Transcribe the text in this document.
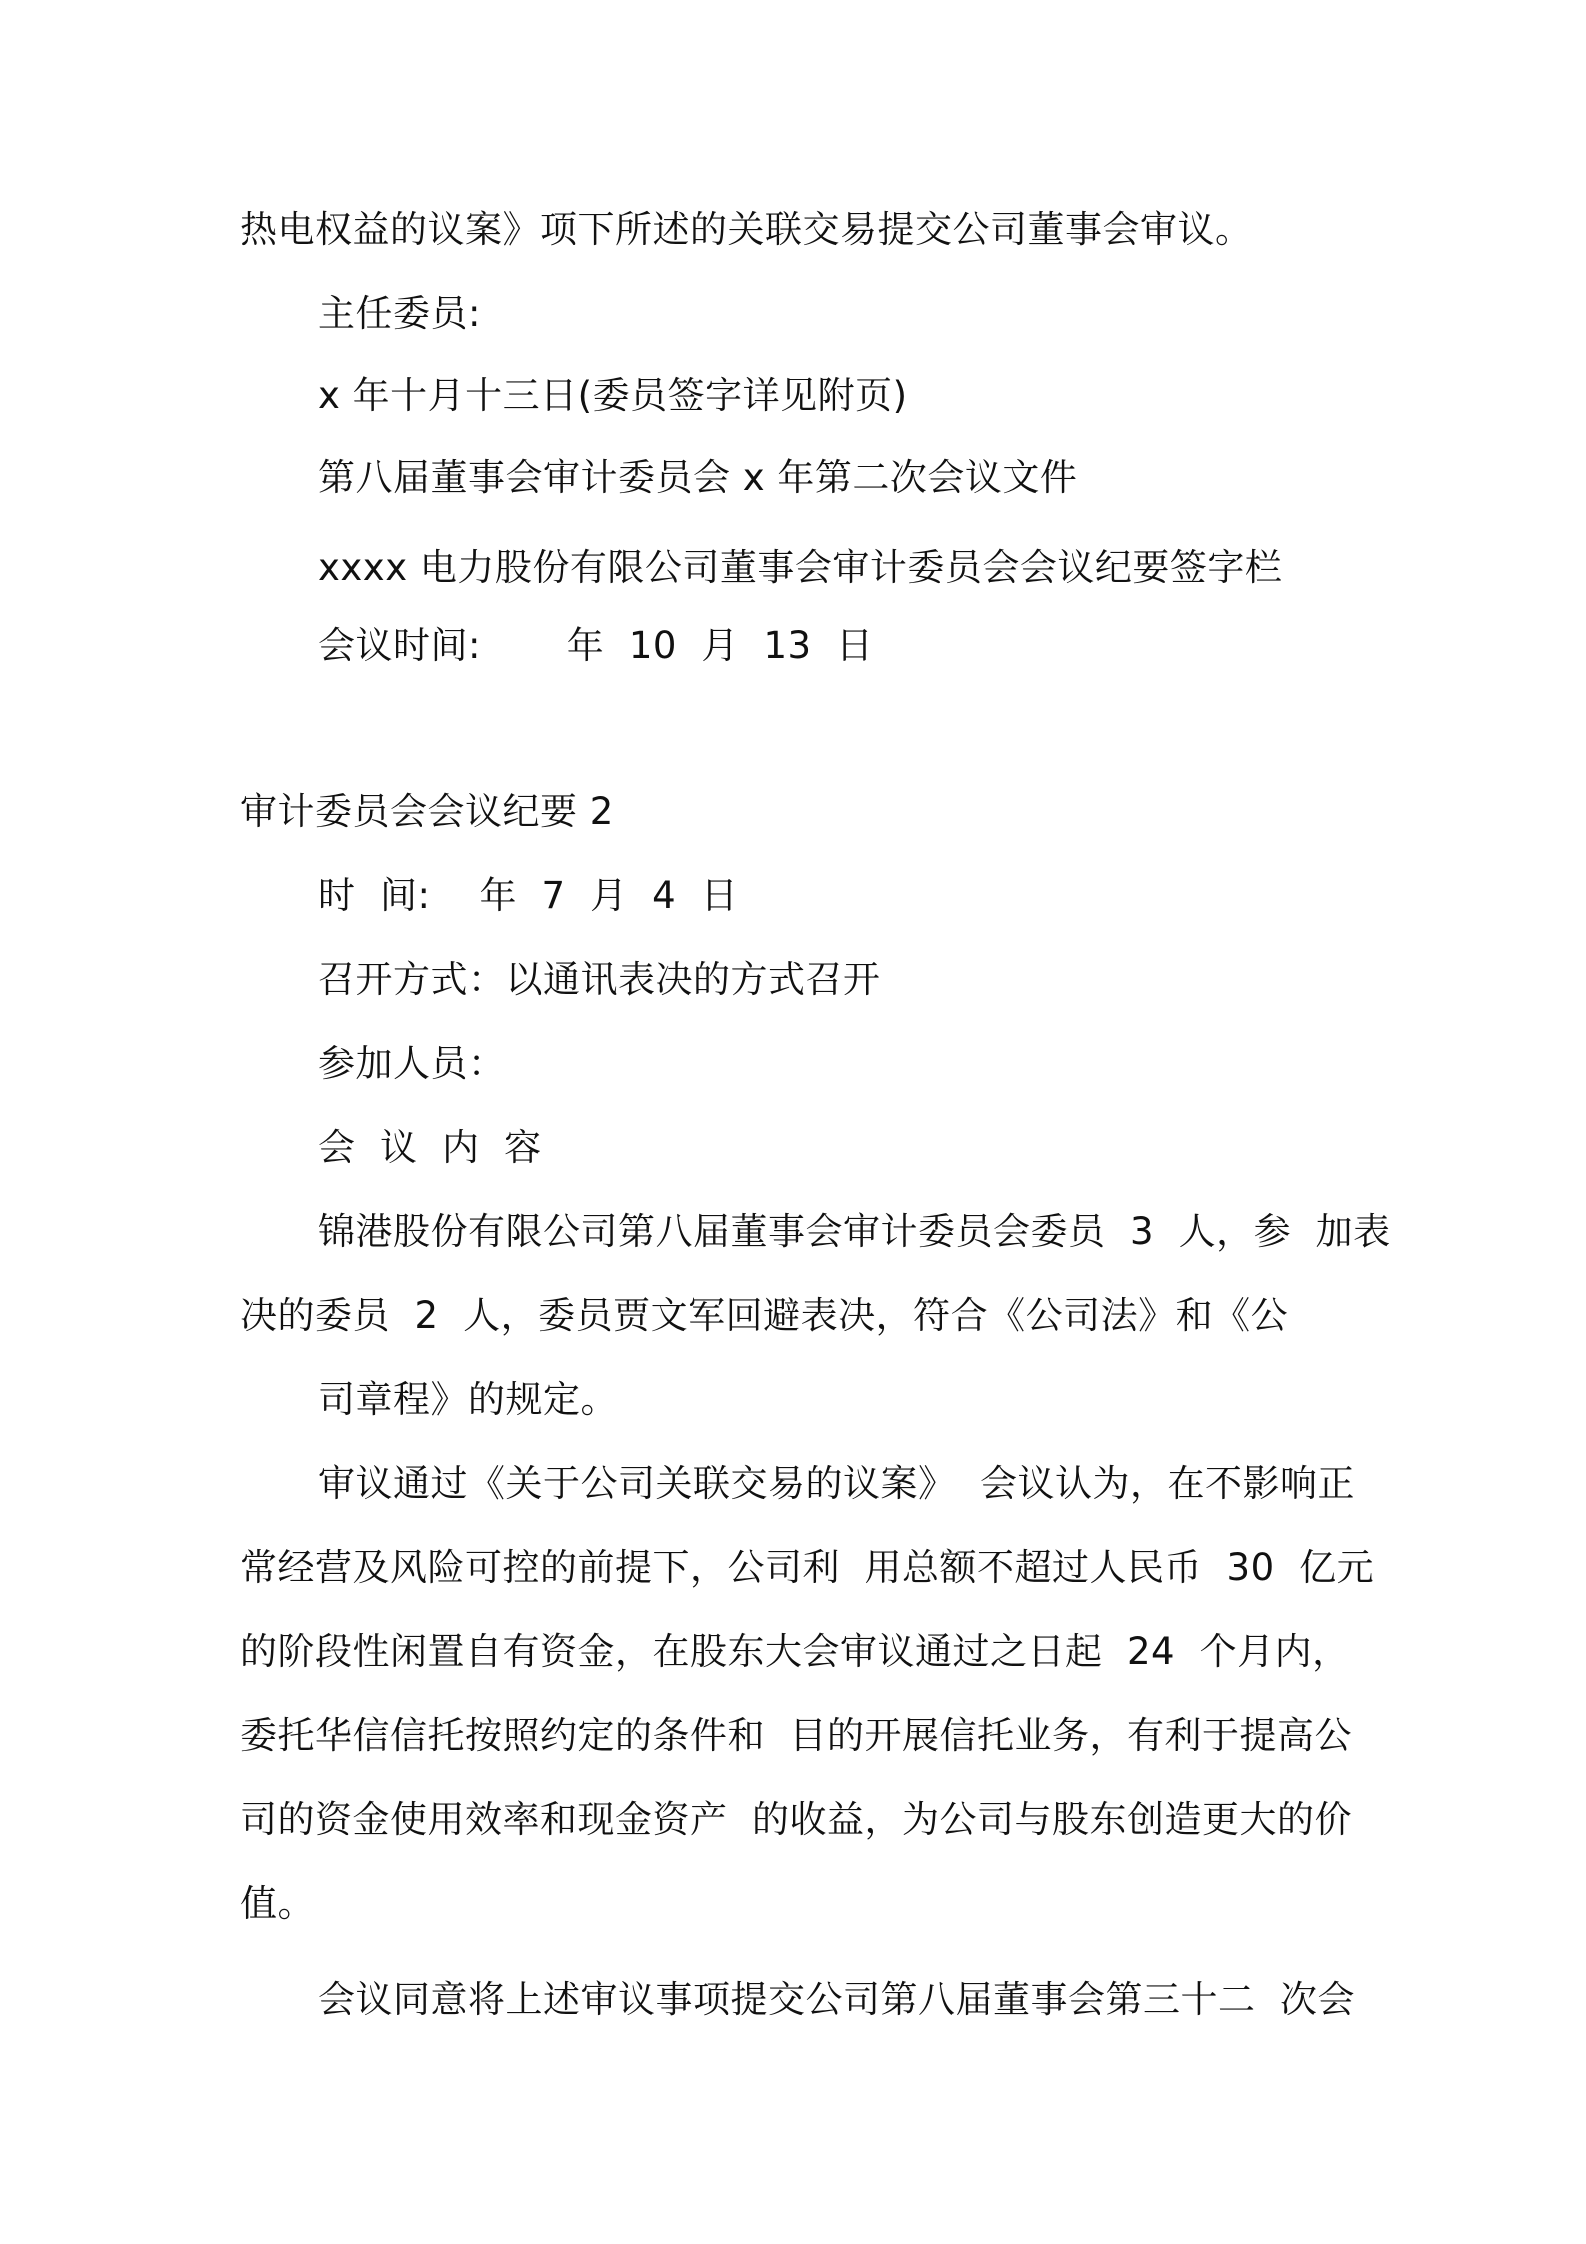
热电权益的议案》项下所述的关联交易提交公司董事会审议。
主任委员:
x 年十月十三日(委员签字详见附页)
第八届董事会审计委员会 x 年第二次会议文件
xxxx 电力股份有限公司董事会审计委员会会议纪要签字栏
会议时间:       年  10  月  13  日
审计委员会会议纪要 2
时  间:    年  7  月  4  日
召开方式：以通讯表决的方式召开
参加人员：
会  议  内  容
锦港股份有限公司第八届董事会审计委员会委员  3  人，参  加表
决的委员  2  人，委员贾文军回避表决，符合《公司法》和《公
司章程》的规定。
审议通过《关于公司关联交易的议案》  会议认为，在不影响正
常经营及风险可控的前提下，公司利  用总额不超过人民币  30  亿元
的阶段性闲置自有资金，在股东大会审议通过之日起  24  个月内，
委托华信信托按照约定的条件和  目的开展信托业务，有利于提高公
司的资金使用效率和现金资产  的收益，为公司与股东创造更大的价
值。
会议同意将上述审议事项提交公司第八届董事会第三十二  次会
